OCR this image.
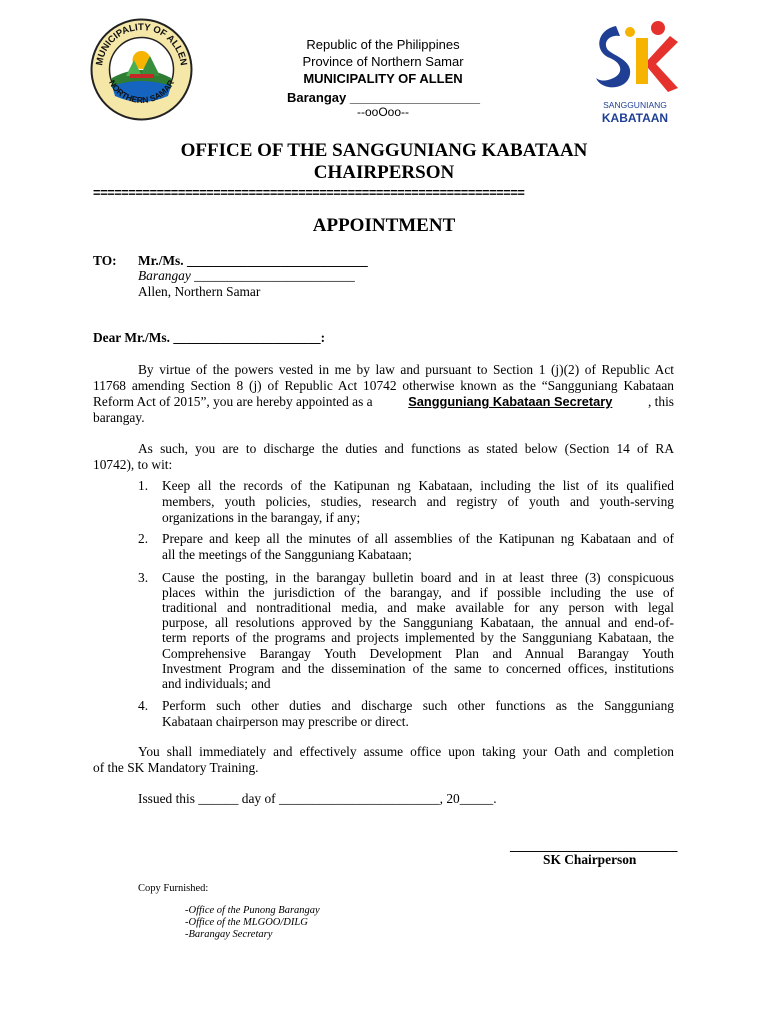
MUNICIPALITY OF ALLEN
NORTHERN SAMAR
SANGGUNIANG
KABATAAN
Republic of the Philippines
Province of Northern Samar
MUNICIPALITY OF ALLEN
Barangay __________________
--ooOoo--
OFFICE OF THE SANGGUNIANG KABATAAN
CHAIRPERSON
=============================================================
APPOINTMENT
TO: Mr./Ms. ___________________________
Barangay ________________________
Allen, Northern Samar
Dear Mr./Ms. ______________________:
By virtue of the powers vested in me by law and pursuant to Section 1 (j)(2) of Republic Act
11768 amending Section 8 (j) of Republic Act 10742 otherwise known as the “Sangguniang Kabataan
Reform Act of 2015”, you are hereby appointed as a	Sangguniang Kabataan Secretary	, this
barangay.
As such, you are to discharge the duties and functions as stated below (Section 14 of RA
10742), to wit:
1. Keep all the records of the Katipunan ng Kabataan, including the list of its qualified
members, youth policies, studies, research and registry of youth and youth-serving
organizations in the barangay, if any;
2. Prepare and keep all the minutes of all assemblies of the Katipunan ng Kabataan and of
all the meetings of the Sangguniang Kabataan;
3. Cause the posting, in the barangay bulletin board and in at least three (3) conspicuous
places within the jurisdiction of the barangay, and if possible including the use of
traditional and nontraditional media, and make available for any person with legal
purpose, all resolutions approved by the Sangguniang Kabataan, the annual and end-of-
term reports of the programs and projects implemented by the Sangguniang Kabataan, the
Comprehensive Barangay Youth Development Plan and Annual Barangay Youth
Investment Program and the dissemination of the same to concerned offices, institutions
and individuals; and
4. Perform such other duties and discharge such other functions as the Sangguniang
Kabataan chairperson may prescribe or direct.
You shall immediately and effectively assume office upon taking your Oath and completion
of the SK Mandatory Training.
Issued this ______ day of ________________________, 20_____.
_________________________
SK Chairperson
Copy Furnished:
-Office of the Punong Barangay
-Office of the MLGOO/DILG
-Barangay Secretary
